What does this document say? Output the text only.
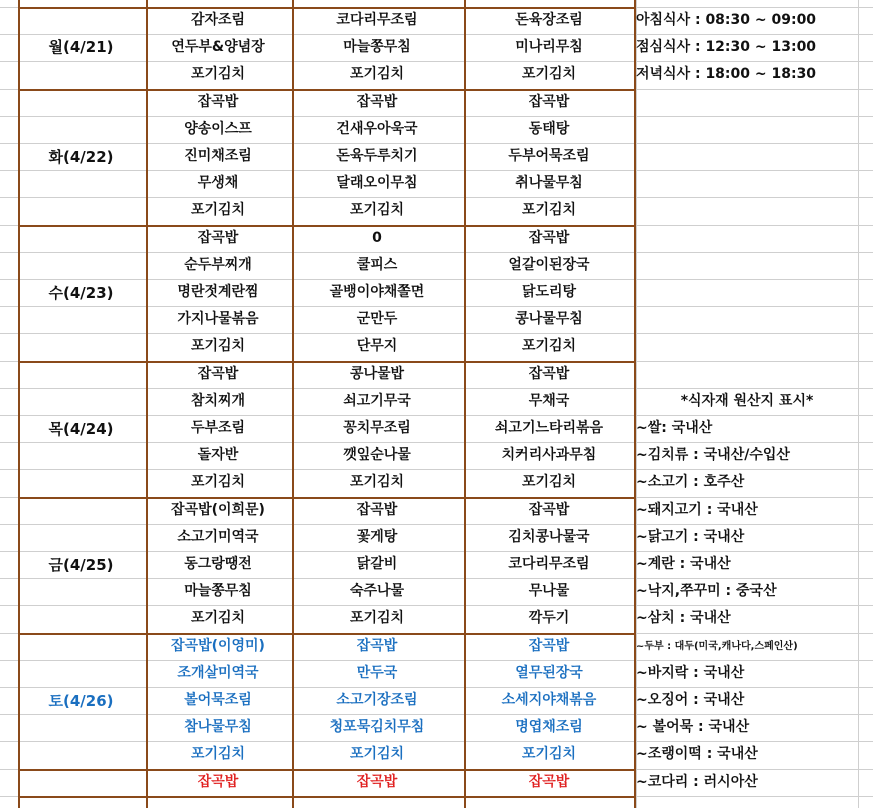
월(4/21)
감자조림	코다리무조림	돈육장조림
연두부&양념장	마늘쫑무침	미나리무침
포기김치	포기김치	포기김치
화(4/22)
잡곡밥	잡곡밥	잡곡밥
양송이스프	건새우아욱국	동태탕
진미채조림	돈육두루치기	두부어묵조림
무생채	달래오이무침	취나물무침
포기김치	포기김치	포기김치
수(4/23)
잡곡밥	0	잡곡밥
순두부찌개	쿨피스	얼갈이된장국
명란젓계란찜	골뱅이야채쫄면	닭도리탕
가지나물볶음	군만두	콩나물무침
포기김치	단무지	포기김치
목(4/24)
잡곡밥	콩나물밥	잡곡밥
참치찌개	쇠고기무국	무채국
두부조림	꽁치무조림	쇠고기느타리볶음
돌자반	깻잎순나물	치커리사과무침
포기김치	포기김치	포기김치
금(4/25)
잡곡밥(이희문)	잡곡밥	잡곡밥
소고기미역국	꽃게탕	김치콩나물국
동그랑땡전	닭갈비	코다리무조림
마늘쫑무침	숙주나물	무나물
포기김치	포기김치	깍두기
토(4/26)
잡곡밥(이영미)	잡곡밥	잡곡밥
조개살미역국	만두국	열무된장국
볼어묵조림	소고기장조림	소세지야채볶음
참나물무침	청포묵김치무침	명엽채조림
포기김치	포기김치	포기김치
잡곡밥	잡곡밥	잡곡밥
아침식사 : 08:30 ~ 09:00
점심식사 : 12:30 ~ 13:00
저녁식사 : 18:00 ~ 18:30
*식자재 원산지 표시*
~쌀: 국내산
~김치류 : 국내산/수입산
~소고기 : 호주산
~돼지고기 : 국내산
~닭고기 : 국내산
~계란 : 국내산
~낙지,쭈꾸미 : 중국산
~삼치 : 국내산
~두부 : 대두(미국,캐나다,스페인산)
~바지락 : 국내산
~오징어 : 국내산
~ 볼어묵 : 국내산
~조랭이떡 : 국내산
~코다리 : 러시아산
